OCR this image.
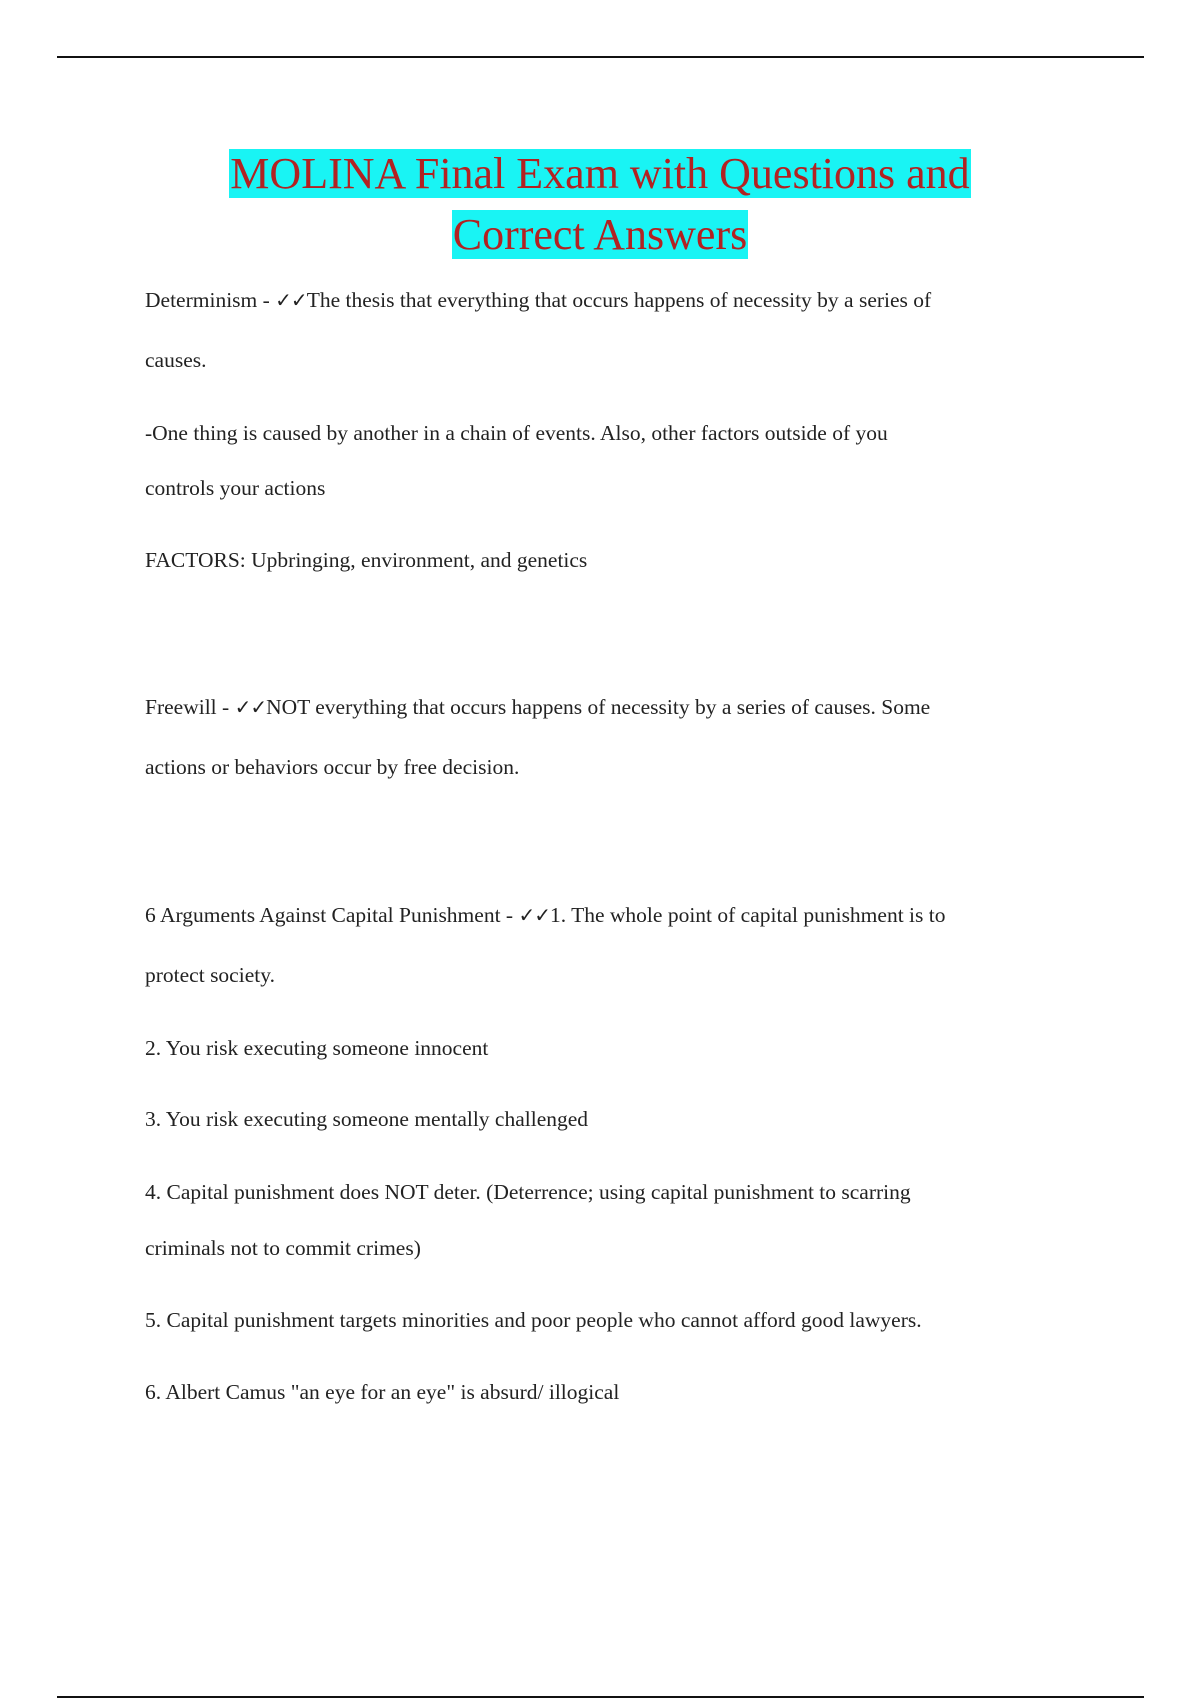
MOLINA Final Exam with Questions and
Correct Answers
Determinism - ✓✓The thesis that everything that occurs happens of necessity by a series of
causes.
-One thing is caused by another in a chain of events. Also, other factors outside of you
controls your actions
FACTORS: Upbringing, environment, and genetics
Freewill - ✓✓NOT everything that occurs happens of necessity by a series of causes. Some
actions or behaviors occur by free decision.
6 Arguments Against Capital Punishment - ✓✓1. The whole point of capital punishment is to
protect society.
2. You risk executing someone innocent
3. You risk executing someone mentally challenged
4. Capital punishment does NOT deter. (Deterrence; using capital punishment to scarring
criminals not to commit crimes)
5. Capital punishment targets minorities and poor people who cannot afford good lawyers.
6. Albert Camus "an eye for an eye" is absurd/ illogical
